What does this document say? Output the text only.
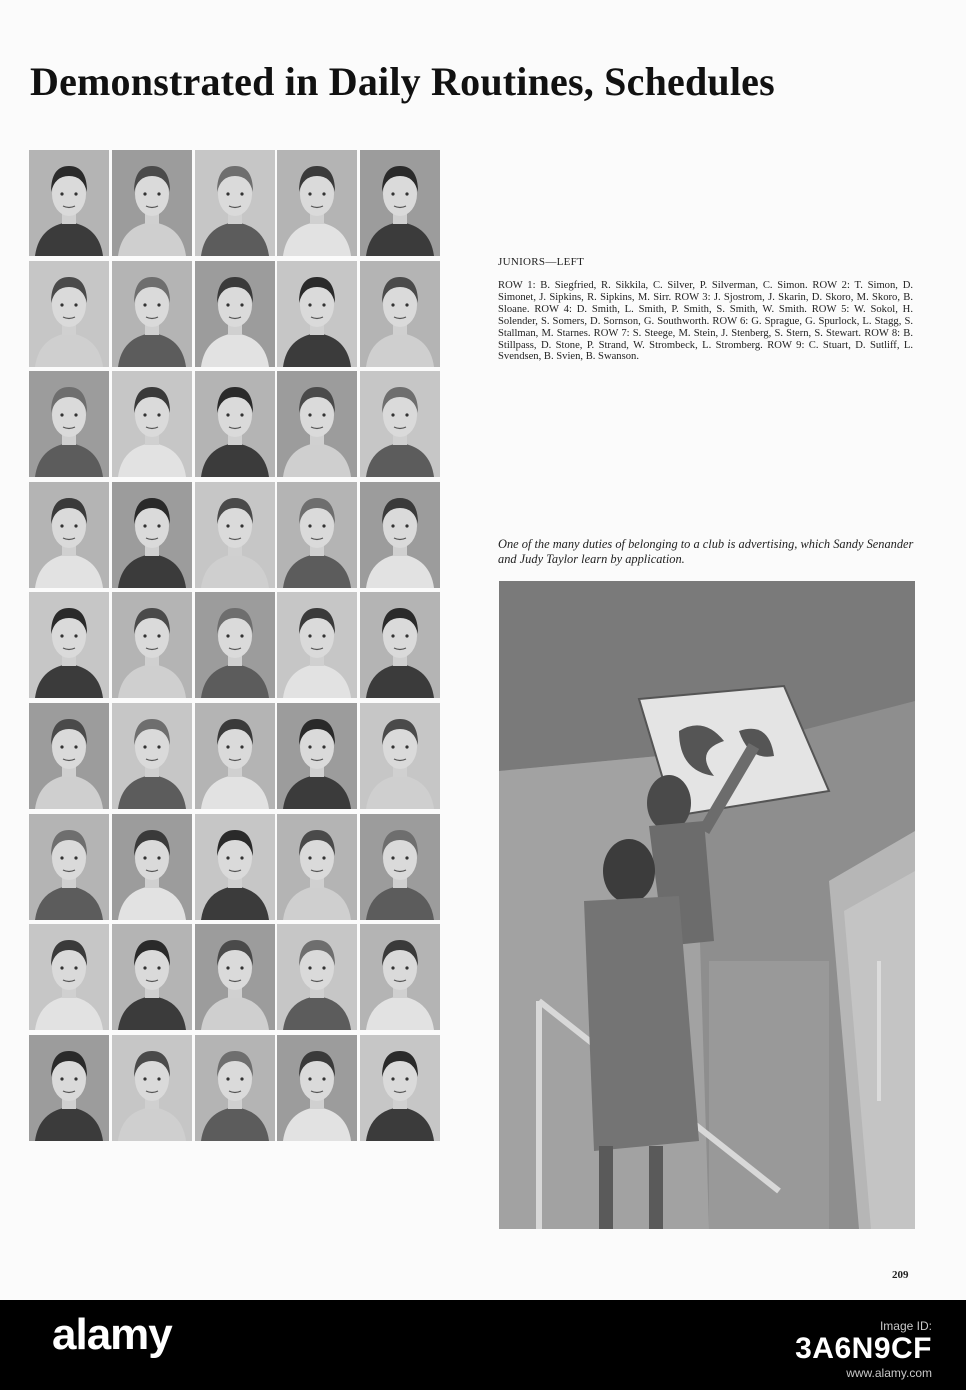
Demonstrated in Daily Routines, Schedules
JUNIORS—LEFT

ROW 1: B. Siegfried, R. Sikkila, C. Silver, P. Silverman, C. Simon. ROW 2: T. Simon, D. Simonet, J. Sipkins, R. Sipkins, M. Sirr. ROW 3: J. Sjostrom, J. Skarin, D. Skoro, M. Skoro, B. Sloane. ROW 4: D. Smith, L. Smith, P. Smith, S. Smith, W. Smith. ROW 5: W. Sokol, H. Solender, S. Somers, D. Sornson, G. Southworth. ROW 6: G. Sprague, G. Spurlock, L. Stagg, S. Stallman, M. Starnes. ROW 7: S. Steege, M. Stein, J. Stenberg, S. Stern, S. Stewart. ROW 8: B. Stillpass, D. Stone, P. Strand, W. Strombeck, L. Stromberg. ROW 9: C. Stuart, D. Sutliff, L. Svendsen, B. Svien, B. Swanson.

One of the many duties of belonging to a club is advertising, which Sandy Senander and Judy Taylor learn by application.

209
alamy	Image ID:
3A6N9CF
www.alamy.com
